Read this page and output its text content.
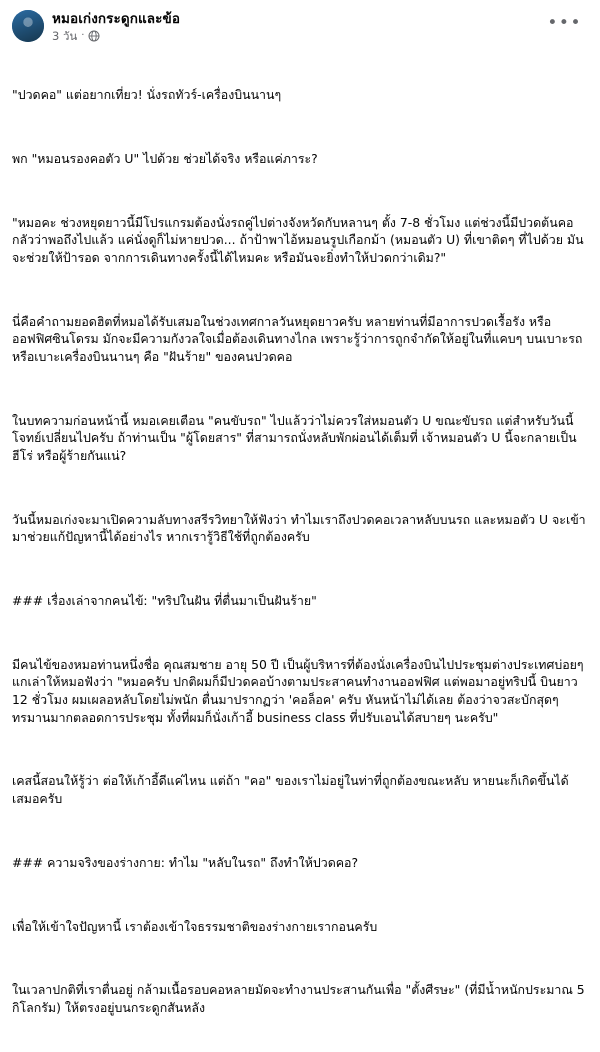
หมอเก่งกระดูกและข้อ
3 วัน ·
•••

"ปวดคอ" แต่อยากเที่ยว! นั่งรถทัวร์-เครื่องบินนานๆ

พก "หมอนรองคอตัว U" ไปด้วย ช่วยได้จริง หรือแค่ภาระ?

"หมอคะ ช่วงหยุดยาวนี้มีโปรแกรมต้องนั่งรถคู่ไปต่างจังหวัดกับหลานๆ ตั้ง 7-8 ชั่วโมง แต่ช่วงนี้มีปวดต้นคอ กลัวว่าพอถึงไปแล้ว แค่นั่งดูก็ไม่หายปวด... ถ้าป้าพาไอ้หมอนรูปเกือกม้า (หมอนตัว U) ที่เขาติดๆ ที่ไปด้วย มันจะช่วยให้ป้ารอด จากการเดินทางครั้งนี้ได้ไหมคะ หรือมันจะยิ่งทำให้ปวดกว่าเดิม?"

นี่คือคำถามยอดฮิตที่หมอได้รับเสมอในช่วงเทศกาลวันหยุดยาวครับ หลายท่านที่มีอาการปวดเรื้อรัง หรือออฟฟิศซินโดรม มักจะมีความกังวลใจเมื่อต้องเดินทางไกล เพราะรู้ว่าการถูกจำกัดให้อยู่ในที่แคบๆ บนเบาะรถหรือเบาะเครื่องบินนานๆ คือ "ฝันร้าย" ของคนปวดคอ

ในบทความก่อนหน้านี้ หมอเคยเตือน "คนขับรถ" ไปแล้วว่าไม่ควรใส่หมอนตัว U ขณะขับรถ แต่สำหรับวันนี้ โจทย์เปลี่ยนไปครับ ถ้าท่านเป็น "ผู้โดยสาร" ที่สามารถนั่งหลับพักผ่อนได้เต็มที่ เจ้าหมอนตัว U นี้จะกลายเป็นฮีโร่ หรือผู้ร้ายกันแน่?

วันนี้หมอเก่งจะมาเปิดความลับทางสรีรวิทยาให้ฟังว่า ทำไมเราถึงปวดคอเวลาหลับบนรถ และหมอตัว U จะเข้ามาช่วยแก้ปัญหานี้ได้อย่างไร หากเรารู้วิธีใช้ที่ถูกต้องครับ

### เรื่องเล่าจากคนไข้: "ทริปในฝัน ที่ตื่นมาเป็นฝันร้าย"

มีคนไข้ของหมอท่านหนึ่งชื่อ คุณสมชาย อายุ 50 ปี เป็นผู้บริหารที่ต้องนั่งเครื่องบินไปประชุมต่างประเทศบ่อยๆ แกเล่าให้หมอฟังว่า "หมอครับ ปกติผมก็มีปวดคอบ้างตามประสาคนทำงานออฟฟิศ แต่พอมาอยู่ทริปนี้ บินยาว 12 ชั่วโมง ผมเผลอหลับโดยไม่พนัก ตื่นมาปรากฏว่า 'คอล็อค' ครับ หันหน้าไม่ได้เลย ต้องว่าจวสะบักสุดๆ ทรมานมากตลอดการประชุม ทั้งที่ผมก็นั่งเก้าอี้ business class ที่ปรับเอนได้สบายๆ นะครับ"

เคสนี้สอนให้รู้ว่า ต่อให้เก้าอี้ดีแค่ไหน แต่ถ้า "คอ" ของเราไม่อยู่ในท่าที่ถูกต้องขณะหลับ หายนะก็เกิดขึ้นได้เสมอครับ

### ความจริงของร่างกาย: ทำไม "หลับในรถ" ถึงทำให้ปวดคอ?

เพื่อให้เข้าใจปัญหานี้ เราต้องเข้าใจธรรมชาติของร่างกายเรากอนครับ

ในเวลาปกติที่เราตื่นอยู่ กล้ามเนื้อรอบคอหลายมัดจะทำงานประสานกันเพื่อ "ตั้งศีรษะ" (ที่มีน้ำหนักประมาณ 5 กิโลกรัม) ให้ตรงอยู่บนกระดูกสันหลัง
